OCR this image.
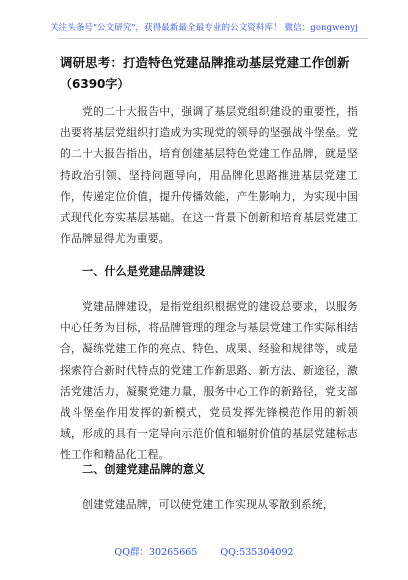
关注头条号"公文研究"，获得最新最全最专业的公文资料库！ 微信：gongwenyj
调研思考：打造特色党建品牌推动基层党建工作创新
（6390字）

党的二十大报告中，强调了基层党组织建设的重要性，指出要将基层党组织打造成为实现党的领导的坚强战斗堡垒。党的二十大报告指出，培育创建基层特色党建工作品牌，就是坚持政治引领、坚持问题导向，用品牌化思路推进基层党建工作，传递定位价值，提升传播效能，产生影响力，为实现中国式现代化夯实基层基础。在这一背景下创新和培育基层党建工作品牌显得尤为重要。

一、什么是党建品牌建设

党建品牌建设，是指党组织根据党的建设总要求，以服务中心任务为目标，将品牌管理的理念与基层党建工作实际相结合，凝练党建工作的亮点、特色、成果、经验和规律等，或是探索符合新时代特点的党建工作新思路、新方法、新途径，激活党建活力，凝聚党建力量，服务中心工作的新路径，党支部战斗堡垒作用发挥的新模式，党员发挥先锋模范作用的新领域，形成的具有一定导向示范价值和辐射价值的基层党建标志性工作和精品化工程。

二、创建党建品牌的意义

创建党建品牌，可以使党建工作实现从零散到系统，

QQ群：30265665 QQ:535304092
